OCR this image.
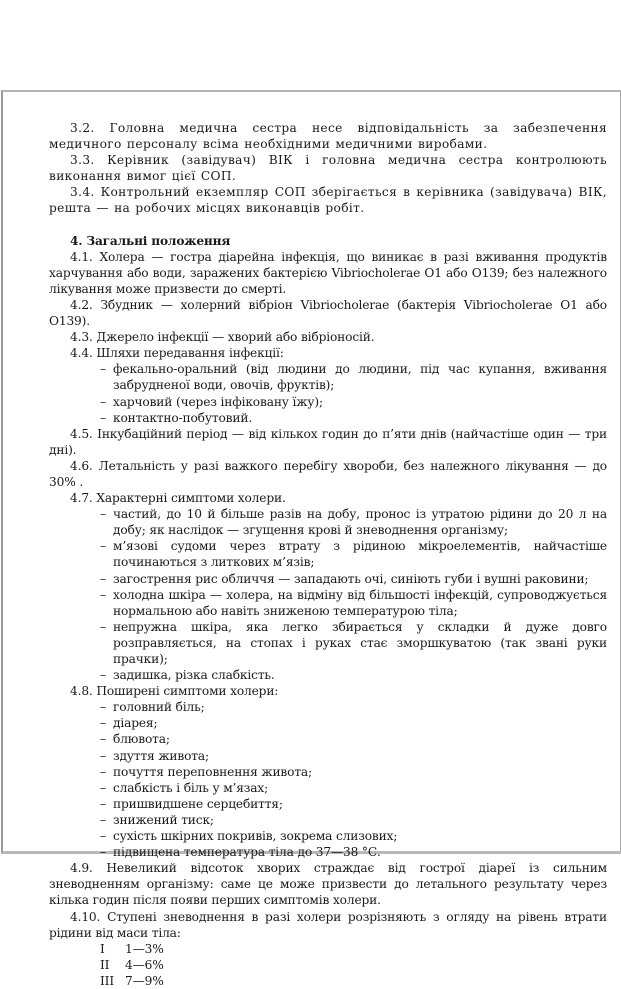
3.2. Головна медична сестра несе відповідальність за забезпечення медичного персоналу всіма необхідними медичними виробами.

3.3. Керівник (завідувач) ВІК і головна медична сестра контролюють виконання вимог цієї СОП.

3.4. Контрольний екземпляр СОП зберігається в керівника (завідувача) ВІК, решта — на робочих місцях виконавців робіт.

4. Загальні положення

4.1. Холера — гостра діарейна інфекція, що виникає в разі вживання продуктів харчування або води, заражених бактерією Vibriocholerae O1 або O139; без належного лікування може призвести до смерті.

4.2. Збудник — холерний вібріон Vibriocholerae (бактерія Vibriocholerae O1 або O139).

4.3. Джерело інфекції — хворий або вібріоносій.

4.4. Шляхи передавання інфекції:

– фекально-оральний (від людини до людини, під час купання, вживання забрудненої води, овочів, фруктів);
– харчовий (через інфіковану їжу);
– контактно-побутовий.

4.5. Інкубаційний період — від кількох годин до п’яти днів (найчастіше один — три дні).

4.6. Летальність у разі важкого перебігу хвороби, без належного лікування — до 30% .

4.7. Характерні симптоми холери.

– частий, до 10 й більше разів на добу, пронос із утратою рідини до 20 л на добу; як наслідок — згущення крові й зневоднення організму;
– м’язові судоми через втрату з рідиною мікроелементів, найчастіше починаються з литкових м’язів;
– загострення рис обличчя — западають очі, синіють губи і вушні раковини;
– холодна шкіра — холера, на відміну від більшості інфекцій, супроводжується нормальною або навіть зниженою температурою тіла;
– непружна шкіра, яка легко збирається у складки й дуже довго розправляється, на стопах і руках стає зморшкуватою (так звані руки прачки);
– задишка, різка слабкість.

4.8. Поширені симптоми холери:

– головний біль;
– діарея;
– блювота;
– здуття живота;
– почуття переповнення живота;
– слабкість і біль у м’язах;
– пришвидшене серцебиття;
– знижений тиск;
– сухість шкірних покривів, зокрема слизових;
– підвищена температура тіла до 37—38 °С.

4.9. Невеликий відсоток хворих страждає від гострої діареї із сильним зневодненням організму: саме це може призвести до летального результату через кілька годин після появи перших симптомів холери.

4.10. Ступені зневоднення в разі холери розрізняють з огляду на рівень втрати рідини від маси тіла:

I	1—3%
II	4—6%
III 7—9%
